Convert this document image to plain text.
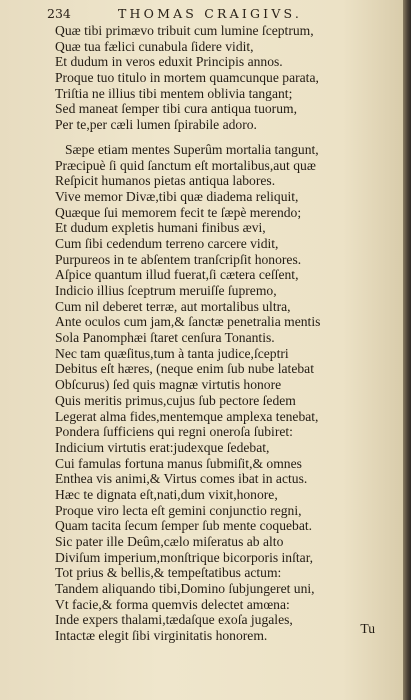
234	THOMAS CRAIGIVS.
Quæ tibi primævo tribuit cum lumine ſceptrum,
Quæ tua fælici cunabula ſidere vidit,
Et dudum in veros eduxit Principis annos.
Proque tuo titulo in mortem quamcunque parata,
Triſtia ne illius tibi mentem oblivia tangant;
Sed maneat ſemper tibi cura antiqua tuorum,
Per te,per cæli lumen ſpirabile adoro.
Sæpe etiam mentes Superûm mortalia tangunt,
Præcipuè ſi quid ſanctum eſt mortalibus,aut quæ
Reſpicit humanos pietas antiqua labores.
Vive memor Divæ,tibi quæ diadema reliquit,
Quæque ſui memorem fecit te ſæpè merendo;
Et dudum expletis humani finibus ævi,
Cum ſibi cedendum terreno carcere vidit,
Purpureos in te abſentem tranſcripſit honores.
Aſpice quantum illud fuerat,ſi cætera ceſſent,
Indicio illius ſceptrum meruiſſe ſupremo,
Cum nil deberet terræ, aut mortalibus ultra,
Ante oculos cum jam,& ſanctæ penetralia mentis
Sola Panomphæi ſtaret cenſura Tonantis.
Nec tam quæſitus,tum à tanta judice,ſceptri
Debitus eſt hæres, (neque enim ſub nube latebat
Obſcurus) ſed quis magnæ virtutis honore
Quis meritis primus,cujus ſub pectore ſedem
Legerat alma fides,mentemque amplexa tenebat,
Pondera ſufficiens qui regni oneroſa ſubiret:
Indicium virtutis erat:judexque ſedebat,
Cui famulas fortuna manus ſubmiſit,& omnes
Enthea vis animi,& Virtus comes ibat in actus.
Hæc te dignata eſt,nati,dum vixit,honore,
Proque viro lecta eſt gemini conjunctio regni,
Quam tacita ſecum ſemper ſub mente coquebat.
Sic pater ille Deûm,cælo miſeratus ab alto
Diviſum imperium,monſtrique bicorporis inſtar,
Tot prius & bellis,& tempeſtatibus actum:
Tandem aliquando tibi,Domino ſubjungeret uni,
Vt facie,& forma quemvis delectet amœna:
Inde expers thalami,tædaſque exoſa jugales,
Intactæ elegit ſibi virginitatis honorem.	Tu
